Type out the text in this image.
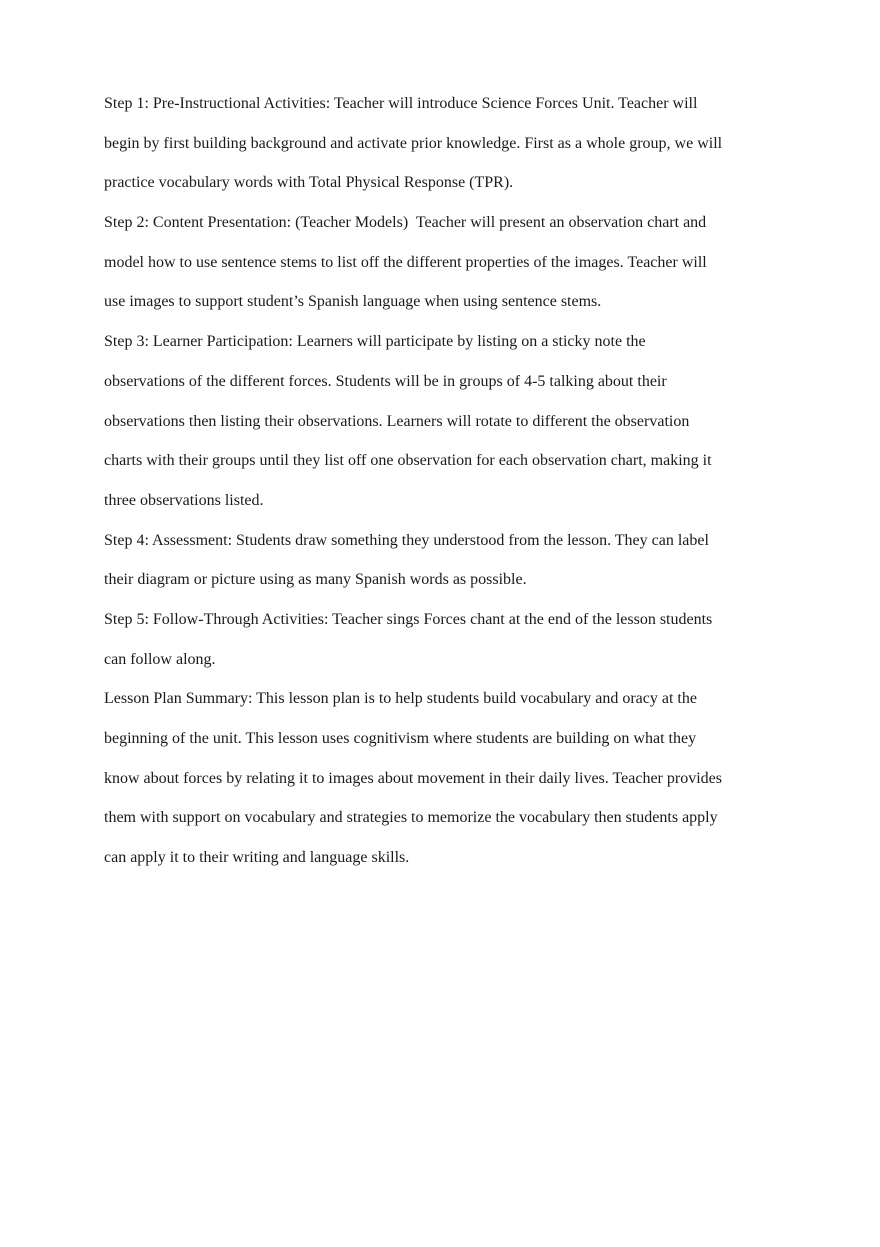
Step 1: Pre-Instructional Activities: Teacher will introduce Science Forces Unit. Teacher will
begin by first building background and activate prior knowledge. First as a whole group, we will
practice vocabulary words with Total Physical Response (TPR).
Step 2: Content Presentation: (Teacher Models)  Teacher will present an observation chart and
model how to use sentence stems to list off the different properties of the images. Teacher will
use images to support student’s Spanish language when using sentence stems.
Step 3: Learner Participation: Learners will participate by listing on a sticky note the
observations of the different forces. Students will be in groups of 4-5 talking about their
observations then listing their observations. Learners will rotate to different the observation
charts with their groups until they list off one observation for each observation chart, making it
three observations listed.
Step 4: Assessment: Students draw something they understood from the lesson. They can label
their diagram or picture using as many Spanish words as possible.
Step 5: Follow-Through Activities: Teacher sings Forces chant at the end of the lesson students
can follow along.
Lesson Plan Summary: This lesson plan is to help students build vocabulary and oracy at the
beginning of the unit. This lesson uses cognitivism where students are building on what they
know about forces by relating it to images about movement in their daily lives. Teacher provides
them with support on vocabulary and strategies to memorize the vocabulary then students apply
can apply it to their writing and language skills.
